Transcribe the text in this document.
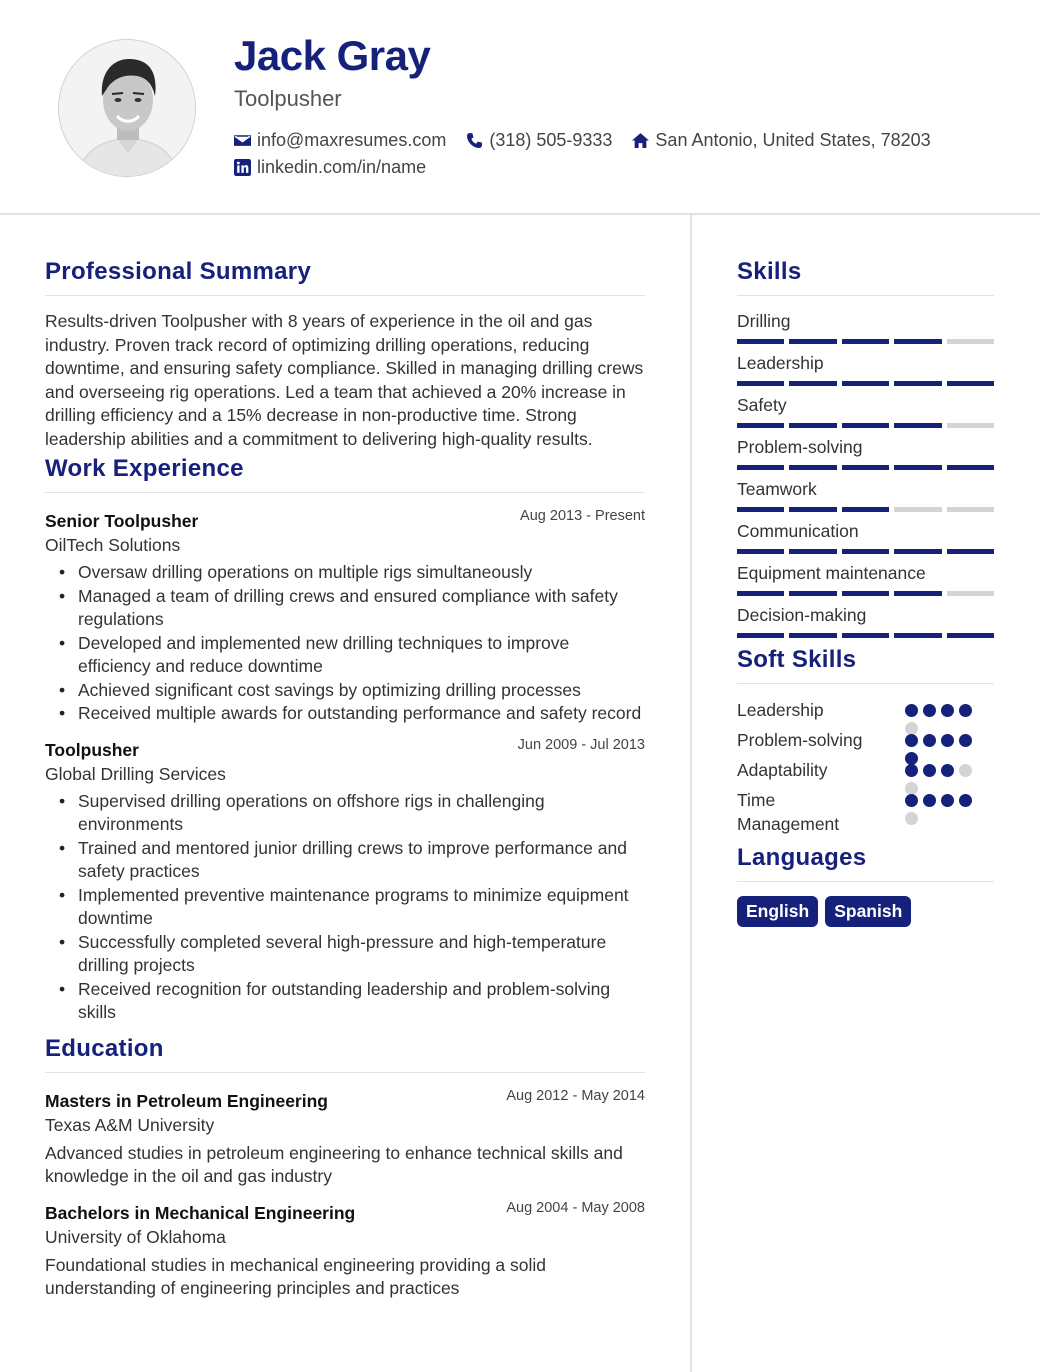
Jack Gray
Toolpusher
info@maxresumes.com (318) 505-9333 San Antonio, United States, 78203
linkedin.com/in/name
Professional Summary
Results-driven Toolpusher with 8 years of experience in the oil and gas industry. Proven track record of optimizing drilling operations, reducing downtime, and ensuring safety compliance. Skilled in managing drilling crews and overseeing rig operations. Led a team that achieved a 20% increase in drilling efficiency and a 15% decrease in non-productive time. Strong leadership abilities and a commitment to delivering high-quality results.
Work Experience
Senior Toolpusher	Aug 2013 - Present
OilTech Solutions
• Oversaw drilling operations on multiple rigs simultaneously
• Managed a team of drilling crews and ensured compliance with safety regulations
• Developed and implemented new drilling techniques to improve efficiency and reduce downtime
• Achieved significant cost savings by optimizing drilling processes
• Received multiple awards for outstanding performance and safety record
Toolpusher	Jun 2009 - Jul 2013
Global Drilling Services
• Supervised drilling operations on offshore rigs in challenging environments
• Trained and mentored junior drilling crews to improve performance and safety practices
• Implemented preventive maintenance programs to minimize equipment downtime
• Successfully completed several high-pressure and high-temperature drilling projects
• Received recognition for outstanding leadership and problem-solving skills
Education
Masters in Petroleum Engineering	Aug 2012 - May 2014
Texas A&M University
Advanced studies in petroleum engineering to enhance technical skills and knowledge in the oil and gas industry
Bachelors in Mechanical Engineering	Aug 2004 - May 2008
University of Oklahoma
Foundational studies in mechanical engineering providing a solid understanding of engineering principles and practices
Skills
Drilling
Leadership
Safety
Problem-solving
Teamwork
Communication
Equipment maintenance
Decision-making
Soft Skills
Leadership
Problem-solving
Adaptability
Time Management
Languages
English	Spanish
